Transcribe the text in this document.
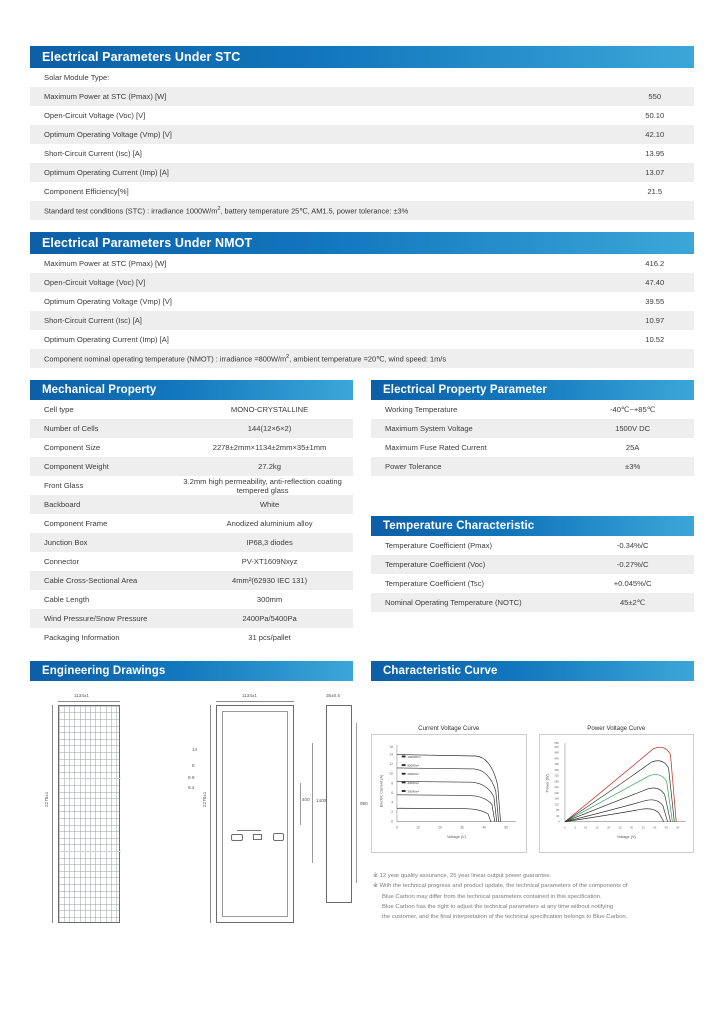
Electrical Parameters Under STC
Solar Module Type:	
Maximum Power at STC (Pmax) [W]	550
Open-Circuit Voltage (Voc) [V]	50.10
Optimum Operating Voltage (Vmp) [V]	42.10
Short-Circuit Current (Isc) [A]	13.95
Optimum Operating Current (Imp) [A]	13.07
Component Efficiency[%]	21.5
Standard test conditions (STC) : irradiance $1000W/m^2$, battery temperature 25℃, AM1.5, power tolerance: ±3%	
Electrical Parameters Under NMOT
Maximum Power at STC (Pmax) [W]	416.2
Open-Circuit Voltage (Voc) [V]	47.40
Optimum Operating Voltage (Vmp) [V]	39.55
Short-Circuit Current (Isc) [A]	10.97
Optimum Operating Current (Imp) [A]	10.52
Component nominal operating temperature (NMOT) : irradiance $=800W/m^2$, ambient temperature =20℃, wind speed: 1m/s	
Mechanical Property
Cell type	MONO-CRYSTALLINE
Number of Cells	144(12×6×2)
Component Size	2278±2mm×1134±2mm×35±1mm
Component Weight	27.2kg
Front Glass	3.2mm high permeability, anti-reflection coating tempered glass
Backboard	White
Component Frame	Anodized aluminium alloy
Junction Box	IP68,3 diodes
Connector	PV-XT1609Nxyz
Cable Cross-Sectional Area	4mm²(62930 IEC 131)
Cable Length	300mm
Wind Pressure/Snow Pressure	2400Pa/5400Pa
Packaging Information	31 pcs/pallet
Electrical Property Parameter
Working Temperature	-40℃~+85℃
Maximum System Voltage	1500V DC
Maximum Fuse Rated Current	25A
Power Tolerance	±3%
Temperature Characteristic
Temperature Coefficient (Pmax)	-0.34%/C
Temperature Coefficient (Voc)	-0.27%/C
Temperature Coefficient (Tsc)	+0.045%/C
Nominal Operating Temperature (NOTC)	45±2℃
Engineering Drawings
1134±1
2278±1
1134±1
2278±1	1400
400
35±0.5
990
14
8
9.9
6.4
Characteristic Curve
Current Voltage Curve
0
2
4
6
8
10
12
14
16
0	10	20	30	40	50
Voltage (V)
Electric Current (A)
1000W/m²
800W/m²
600W/m²
400W/m²
200W/m²
Power Voltage Curve
0
40
80
120
160
200
240
280
320
360
400
440
480
520
560
0	5	10	15	20	25	30	35	40	45	50
Voltage (V)
Power (W)
※ 12 year quality assurance, 25 year linear output power guarantee.
※ With the technical progress and product update, the technical parameters of the components of
Blue Carbon may differ from the technical parameters contained in this specification.
Blue Carbon has the right to adjust the technical parameters at any time without notifying
the customer, and the final interpretation of the technical specification belongs to Blue Carbon.
